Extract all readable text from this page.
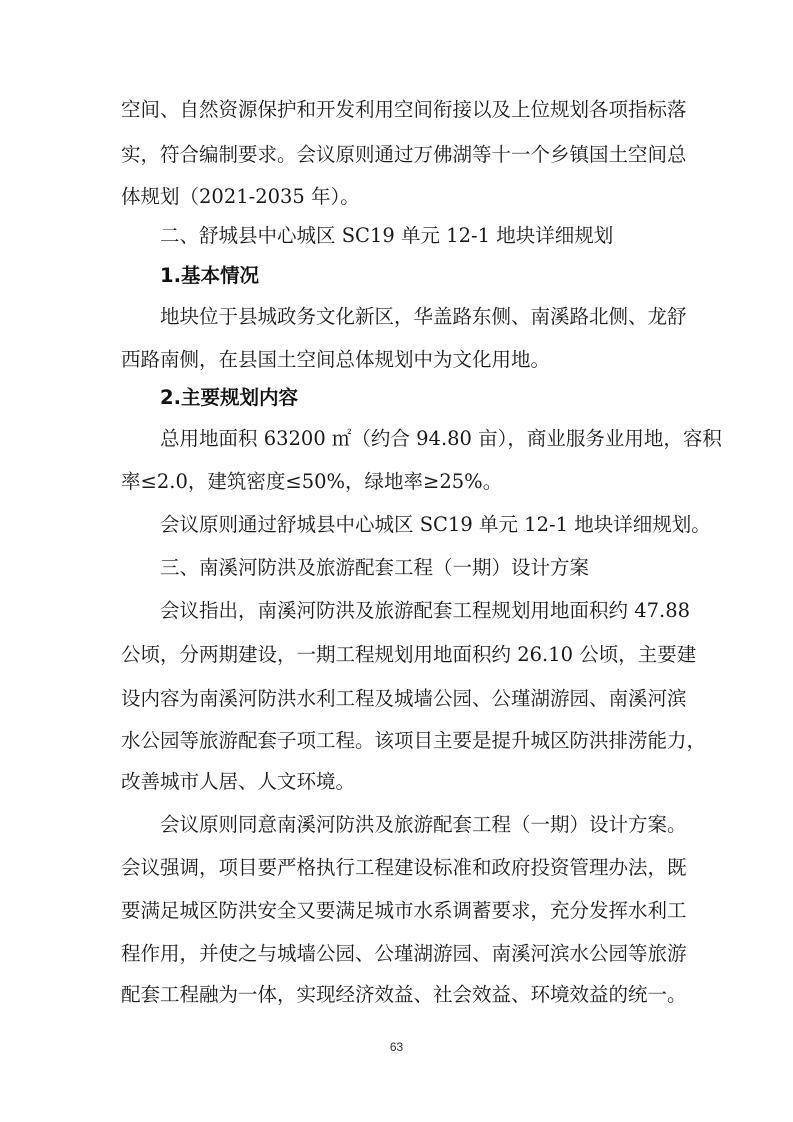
空间、自然资源保护和开发利用空间衔接以及上位规划各项指标落
实，符合编制要求。会议原则通过万佛湖等十一个乡镇国土空间总
体规划（2021-2035 年）。
二、舒城县中心城区 SC19 单元 12-1 地块详细规划
1.基本情况
地块位于县城政务文化新区，华盖路东侧、南溪路北侧、龙舒
西路南侧，在县国土空间总体规划中为文化用地。
2.主要规划内容
总用地面积 63200 ㎡（约合 94.80 亩），商业服务业用地，容积
率≤2.0，建筑密度≤50%，绿地率≥25%。
会议原则通过舒城县中心城区 SC19 单元 12-1 地块详细规划。
三、南溪河防洪及旅游配套工程（一期）设计方案
会议指出，南溪河防洪及旅游配套工程规划用地面积约 47.88
公顷，分两期建设，一期工程规划用地面积约 26.10 公顷，主要建
设内容为南溪河防洪水利工程及城墙公园、公瑾湖游园、南溪河滨
水公园等旅游配套子项工程。该项目主要是提升城区防洪排涝能力，
改善城市人居、人文环境。
会议原则同意南溪河防洪及旅游配套工程（一期）设计方案。
会议强调，项目要严格执行工程建设标准和政府投资管理办法，既
要满足城区防洪安全又要满足城市水系调蓄要求，充分发挥水利工
程作用，并使之与城墙公园、公瑾湖游园、南溪河滨水公园等旅游
配套工程融为一体，实现经济效益、社会效益、环境效益的统一。
63
